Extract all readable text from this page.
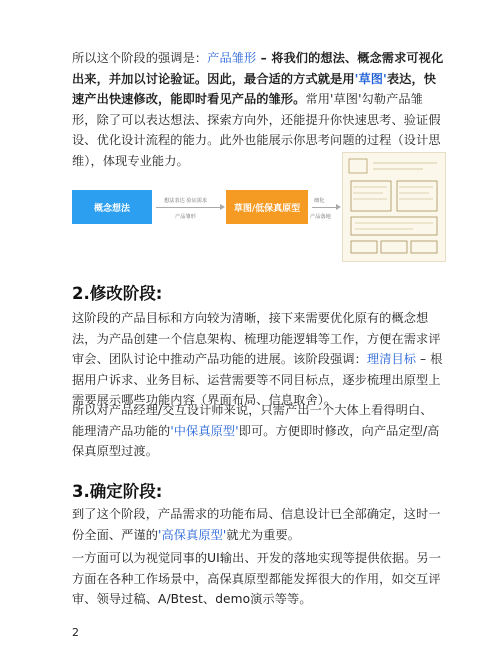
所以这个阶段的强调是：产品雏形 – 将我们的想法、概念需求可视化出来，并加以讨论验证。因此，最合适的方式就是用'草图'表达，快速产出快速修改，能即时看见产品的雏形。常用'草图'勾勒产品雏形，除了可以表达想法、探索方向外，还能提升你快速思考、验证假设、优化设计流程的能力。此外也能展示你思考问题的过程（设计思维），体现专业能力。
概念想法
想法表达 验证需求
产品雏形
草图/低保真原型
细化
产品落地
2.修改阶段:
这阶段的产品目标和方向较为清晰，接下来需要优化原有的概念想法，为产品创建一个信息架构、梳理功能逻辑等工作，方便在需求评审会、团队讨论中推动产品功能的进展。该阶段强调：理清目标 – 根据用户诉求、业务目标、运营需要等不同目标点，逐步梳理出原型上需要展示哪些功能内容（界面布局、信息取舍）。
所以对产品经理/交互设计师来说，只需产出一个大体上看得明白、能理清产品功能的'中保真原型'即可。方便即时修改，向产品定型/高保真原型过渡。
3.确定阶段:
到了这个阶段，产品需求的功能布局、信息设计已全部确定，这时一份全面、严谨的'高保真原型'就尤为重要。
一方面可以为视觉同事的UI输出、开发的落地实现等提供依据。另一方面在各种工作场景中，高保真原型都能发挥很大的作用，如交互评审、领导过稿、A/Btest、demo演示等等。
2
